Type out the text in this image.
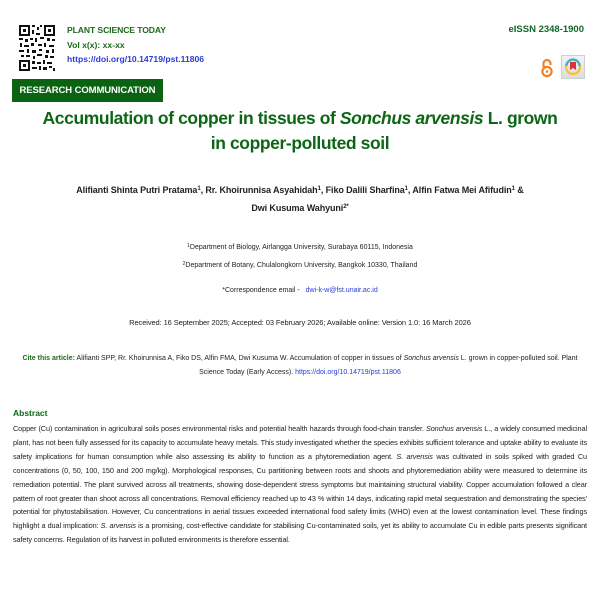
PLANT SCIENCE TODAY
Vol x(x): xx-xx
https://doi.org/10.14719/pst.11806
eISSN 2348-1900
RESEARCH COMMUNICATION
Accumulation of copper in tissues of Sonchus arvensis L. grown
in copper-polluted soil
Alifianti Shinta Putri Pratama$^1$, Rr. Khoirunnisa Asyahidah$^1$, Fiko Dalili Sharfina$^1$, Alfin Fatwa Mei Afifudin$^1$ &
Dwi Kusuma Wahyuni$^{2*}$
$^1$Department of Biology, Airlangga University, Surabaya 60115, Indonesia
$^2$Department of Botany, Chulalongkorn University, Bangkok 10330, Thailand
*Correspondence email - dwi-k-w@fst.unair.ac.id
Received: 16 September 2025; Accepted: 03 February 2026; Available online: Version 1.0: 16 March 2026
Cite this article: Alifianti SPP, Rr. Khoirunnisa A, Fiko DS, Alfin FMA, Dwi Kusuma W. Accumulation of copper in tissues of Sonchus arvensis L. grown in copper-polluted soil. Plant Science Today (Early Access). https://doi.org/10.14719/pst.11806
Abstract

Copper (Cu) contamination in agricultural soils poses environmental risks and potential health hazards through food-chain transfer. Sonchus arvensis L., a widely consumed medicinal plant, has not been fully assessed for its capacity to accumulate heavy metals. This study investigated whether the species exhibits sufficient tolerance and uptake ability to evaluate its safety implications for human consumption while also assessing its ability to function as a phytoremediation agent. S. arvensis was cultivated in soils spiked with graded Cu concentrations (0, 50, 100, 150 and 200 mg/kg). Morphological responses, Cu partitioning between roots and shoots and phytoremediation ability were measured to determine its remediation potential. The plant survived across all treatments, showing dose-dependent stress symptoms but maintaining structural viability. Copper accumulation followed a clear pattern of root greater than shoot across all concentrations. Removal efficiency reached up to 43 % within 14 days, indicating rapid metal sequestration and demonstrating the species' potential for phytostabilisation. However, Cu concentrations in aerial tissues exceeded international food safety limits (WHO) even at the lowest contamination level. These findings highlight a dual implication: S. arvensis is a promising, cost-effective candidate for stabilising Cu-contaminated soils, yet its ability to accumulate Cu in edible parts presents significant safety concerns. Regulation of its harvest in polluted environments is therefore essential.
